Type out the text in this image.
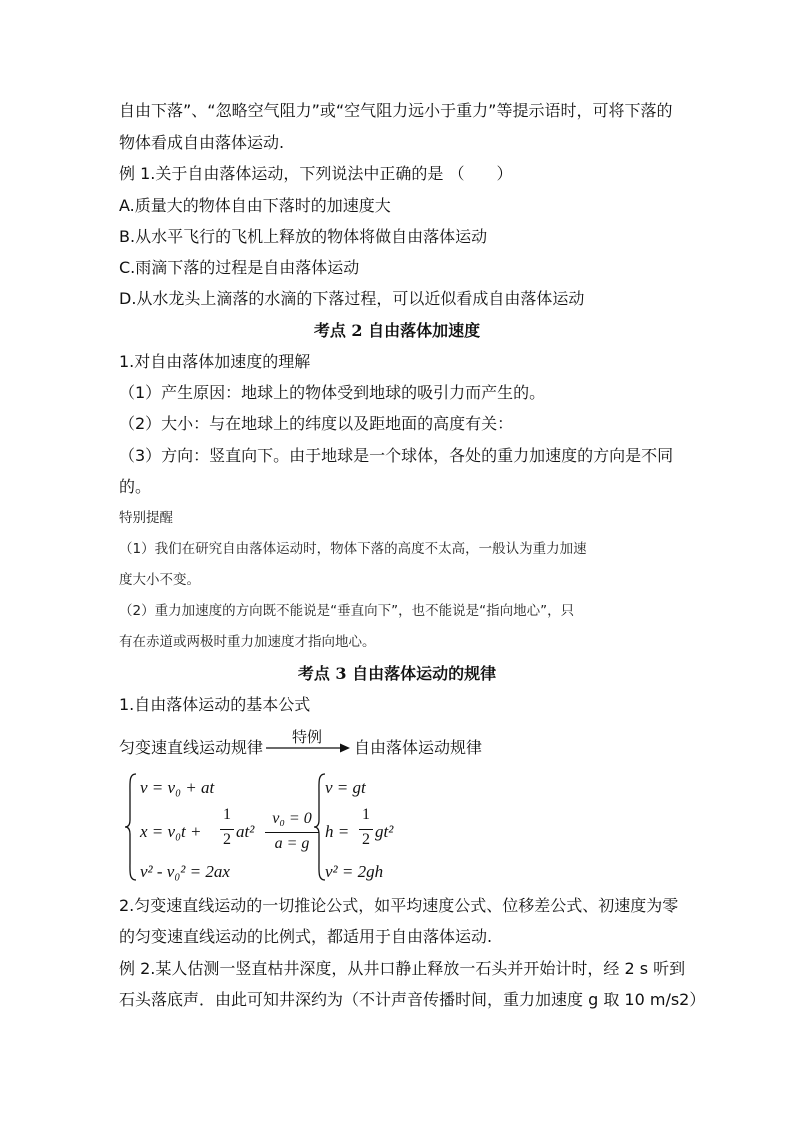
自由下落”、“忽略空气阻力”或“空气阻力远小于重力”等提示语时，可将下落的
物体看成自由落体运动.
例 1.关于自由落体运动，下列说法中正确的是 （　　）
A.质量大的物体自由下落时的加速度大
B.从水平飞行的飞机上释放的物体将做自由落体运动
C.雨滴下落的过程是自由落体运动
D.从水龙头上滴落的水滴的下落过程，可以近似看成自由落体运动
考点 2 自由落体加速度
1.对自由落体加速度的理解
（1）产生原因：地球上的物体受到地球的吸引力而产生的。
（2）大小：与在地球上的纬度以及距地面的高度有关：
（3）方向：竖直向下。由于地球是一个球体，各处的重力加速度的方向是不同
的。
特别提醒
（1）我们在研究自由落体运动时，物体下落的高度不太高，一般认为重力加速
度大小不变。
（2）重力加速度的方向既不能说是“垂直向下”，也不能说是“指向地心”，只
有在赤道或两极时重力加速度才指向地心。
考点 3 自由落体运动的规律
1.自由落体运动的基本公式
匀变速直线运动规律
特例
自由落体运动规律
v = v₀ + at
x = v₀t +
1
2 at²
v² - v₀² = 2ax
v₀ = 0
a = g
v = gt
h =
1
2 gt²
v² = 2gh
2.匀变速直线运动的一切推论公式，如平均速度公式、位移差公式、初速度为零
的匀变速直线运动的比例式，都适用于自由落体运动.
例 2.某人估测一竖直枯井深度，从井口静止释放一石头并开始计时，经 2 s 听到
石头落底声．由此可知井深约为（不计声音传播时间，重力加速度 g 取 10 m/s2）
